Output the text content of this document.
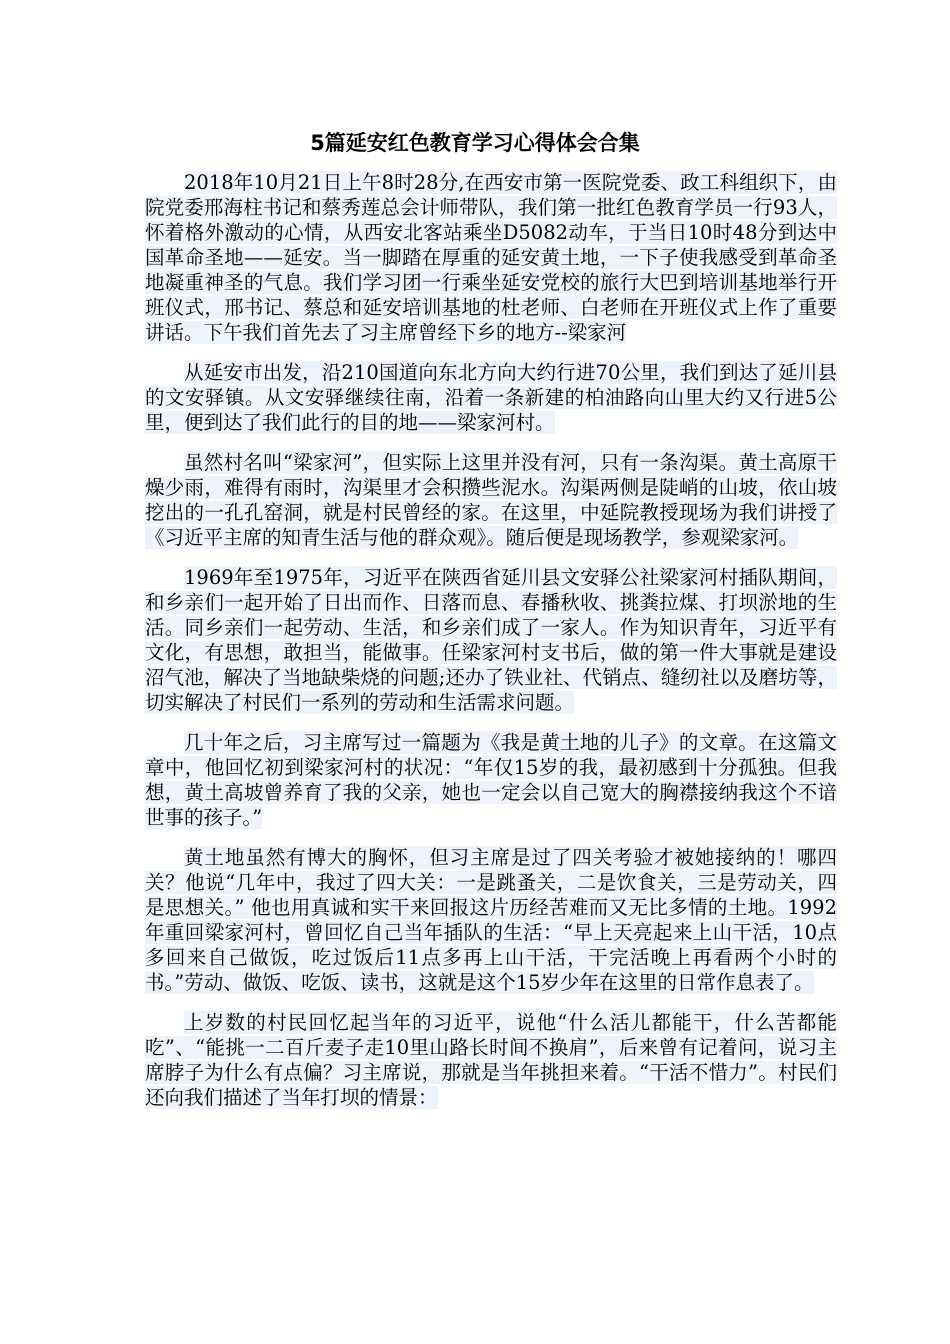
5篇延安红色教育学习心得体会合集

2018年10月21日上午8时28分,在西安市第一医院党委、政工科组织下，由院党委邢海柱书记和蔡秀莲总会计师带队，我们第一批红色教育学员一行93人，怀着格外激动的心情，从西安北客站乘坐D5082动车，于当日10时48分到达中国革命圣地——延安。当一脚踏在厚重的延安黄土地，一下子使我感受到革命圣地凝重神圣的气息。我们学习团一行乘坐延安党校的旅行大巴到培训基地举行开班仪式，邢书记、蔡总和延安培训基地的杜老师、白老师在开班仪式上作了重要讲话。下午我们首先去了习主席曾经下乡的地方--梁家河

从延安市出发，沿210国道向东北方向大约行进70公里，我们到达了延川县的文安驿镇。从文安驿继续往南，沿着一条新建的柏油路向山里大约又行进5公里，便到达了我们此行的目的地——梁家河村。

虽然村名叫“梁家河”，但实际上这里并没有河，只有一条沟渠。黄土高原干燥少雨，难得有雨时，沟渠里才会积攒些泥水。沟渠两侧是陡峭的山坡，依山坡挖出的一孔孔窑洞，就是村民曾经的家。在这里，中延院教授现场为我们讲授了《习近平主席的知青生活与他的群众观》。随后便是现场教学，参观梁家河。

1969年至1975年，习近平在陕西省延川县文安驿公社梁家河村插队期间，和乡亲们一起开始了日出而作、日落而息、春播秋收、挑粪拉煤、打坝淤地的生活。同乡亲们一起劳动、生活，和乡亲们成了一家人。作为知识青年，习近平有文化，有思想，敢担当，能做事。任梁家河村支书后，做的第一件大事就是建设沼气池，解决了当地缺柴烧的问题;还办了铁业社、代销点、缝纫社以及磨坊等，切实解决了村民们一系列的劳动和生活需求问题。

几十年之后，习主席写过一篇题为《我是黄土地的儿子》的文章。在这篇文章中，他回忆初到梁家河村的状况：“年仅15岁的我，最初感到十分孤独。但我想，黄土高坡曾养育了我的父亲，她也一定会以自己宽大的胸襟接纳我这个不谙世事的孩子。”

黄土地虽然有博大的胸怀，但习主席是过了四关考验才被她接纳的！哪四关？他说“几年中，我过了四大关：一是跳蚤关，二是饮食关，三是劳动关，四是思想关。” 他也用真诚和实干来回报这片历经苦难而又无比多情的土地。1992年重回梁家河村，曾回忆自己当年插队的生活：“早上天亮起来上山干活，10点多回来自己做饭，吃过饭后11点多再上山干活，干完活晚上再看两个小时的书。”劳动、做饭、吃饭、读书，这就是这个15岁少年在这里的日常作息表了。

上岁数的村民回忆起当年的习近平，说他“什么活儿都能干，什么苦都能吃”、“能挑一二百斤麦子走10里山路长时间不换肩”，后来曾有记着问，说习主席脖子为什么有点偏？习主席说，那就是当年挑担来着。“干活不惜力”。村民们还向我们描述了当年打坝的情景：
